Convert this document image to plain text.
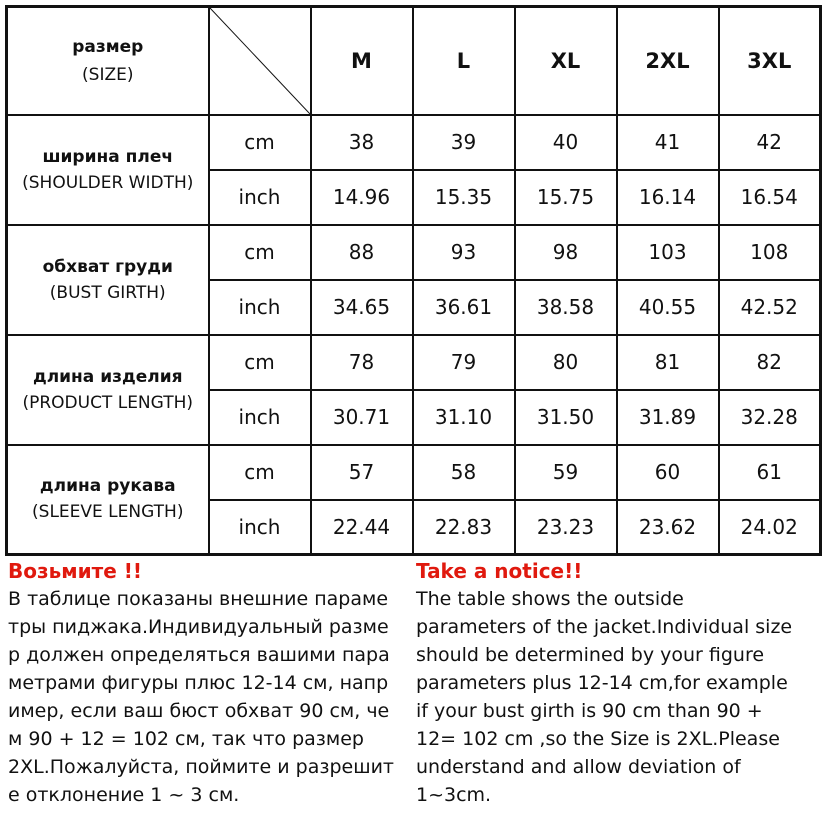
размер
(SIZE)		M	L	XL	2XL	3XL

ширина плеч
(SHOULDER WIDTH)	cm	38	39	40	41	42
	inch	14.96	15.35	15.75	16.14	16.54

обхват груди
(BUST GIRTH)	cm	88	93	98	103	108
	inch	34.65	36.61	38.58	40.55	42.52

длина изделия
(PRODUCT LENGTH)	cm	78	79	80	81	82
	inch	30.71	31.10	31.50	31.89	32.28

длина рукава
(SLEEVE LENGTH)	cm	57	58	59	60	61
	inch	22.44	22.83	23.23	23.62	24.02
Возьмите !!
В таблице показаны внешние параме
тры пиджака.Индивидуальный разме
р должен определяться вашими пара
метрами фигуры плюс 12-14 см, напр
имер, если ваш бюст обхват 90 см, че
м 90 + 12 = 102 см, так что размер
2XL.Пожалуйста, поймите и разрешит
е отклонение 1 ~ 3 см.
Take a notice!!
The table shows the outside
parameters of the jacket.Individual size
should be determined by your figure
parameters plus 12-14 cm,for example
if your bust girth is 90 cm than 90 +
12= 102 cm ,so the Size is 2XL.Please
understand and allow deviation of
1~3cm.
